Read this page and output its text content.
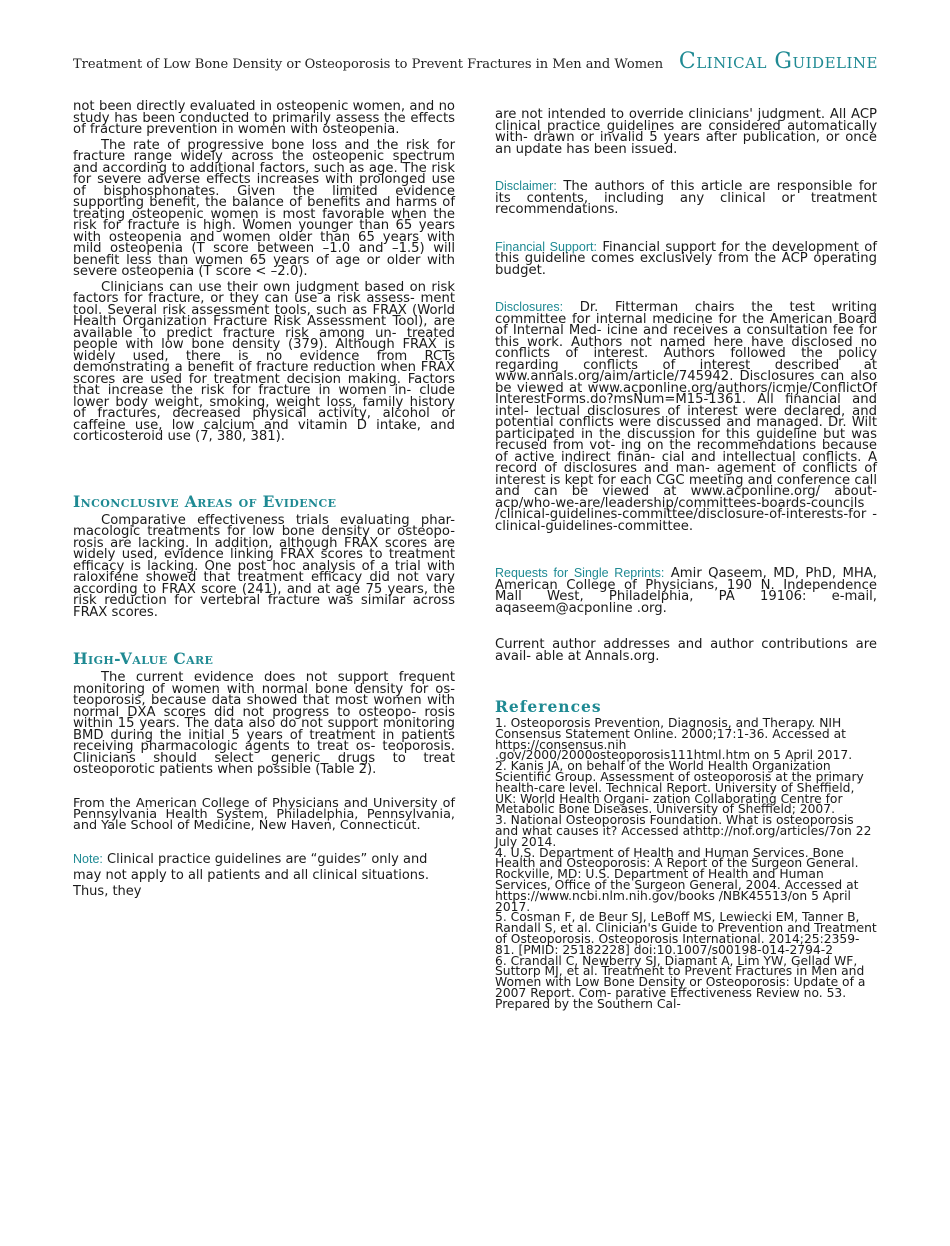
Treatment of Low Bone Density or Osteoporosis to Prevent Fractures in Men and Women Clinical Guideline

not been directly evaluated in osteopenic women, and no study has been conducted to primarily assess the effects of fracture prevention in women with osteopenia.

The rate of progressive bone loss and the risk for fracture range widely across the osteopenic spectrum and according to additional factors, such as age. The risk for severe adverse effects increases with prolonged use of bisphosphonates. Given the limited evidence supporting benefit, the balance of benefits and harms of treating osteopenic women is most favorable when the risk for fracture is high. Women younger than 65 years with osteopenia and women older than 65 years with mild osteopenia (T score between –1.0 and –1.5) will benefit less than women 65 years of age or older with severe osteopenia (T score < –2.0).

Clinicians can use their own judgment based on risk factors for fracture, or they can use a risk assess- ment tool. Several risk assessment tools, such as FRAX (World Health Organization Fracture Risk Assessment Tool), are available to predict fracture risk among un- treated people with low bone density (379). Although FRAX is widely used, there is no evidence from RCTs demonstrating a benefit of fracture reduction when FRAX scores are used for treatment decision making. Factors that increase the risk for fracture in women in- clude lower body weight, smoking, weight loss, family history of fractures, decreased physical activity, alcohol or caffeine use, low calcium and vitamin D intake, and corticosteroid use (7, 380, 381).

Inconclusive Areas of Evidence

Comparative effectiveness trials evaluating phar- macologic treatments for low bone density or osteopo- rosis are lacking. In addition, although FRAX scores are widely used, evidence linking FRAX scores to treatment efficacy is lacking. One post hoc analysis of a trial with raloxifene showed that treatment efficacy did not vary according to FRAX score (241), and at age 75 years, the risk reduction for vertebral fracture was similar across FRAX scores.

High-Value Care

The current evidence does not support frequent monitoring of women with normal bone density for os- teoporosis, because data showed that most women with normal DXA scores did not progress to osteopo- rosis within 15 years. The data also do not support monitoring BMD during the initial 5 years of treatment in patients receiving pharmacologic agents to treat os- teoporosis. Clinicians should select generic drugs to treat osteoporotic patients when possible (Table 2).

From the American College of Physicians and University of Pennsylvania Health System, Philadelphia, Pennsylvania, and Yale School of Medicine, New Haven, Connecticut.

Note: Clinical practice guidelines are “guides” only and may not apply to all patients and all clinical situations. Thus, they

are not intended to override clinicians' judgment. All ACP clinical practice guidelines are considered automatically with- drawn or invalid 5 years after publication, or once an update has been issued.

Disclaimer: The authors of this article are responsible for its contents, including any clinical or treatment recommendations.

Financial Support: Financial support for the development of this guideline comes exclusively from the ACP operating budget.

Disclosures: Dr. Fitterman chairs the test writing committee for internal medicine for the American Board of Internal Med- icine and receives a consultation fee for this work. Authors not named here have disclosed no conflicts of interest. Authors followed the policy regarding conflicts of interest described at www.annals.org/aim/article/745942. Disclosures can also be viewed at www.acponline.org/authors/icmje/ConflictOf InterestForms.do?msNum=M15-1361. All financial and intel- lectual disclosures of interest were declared, and potential conflicts were discussed and managed. Dr. Wilt participated in the discussion for this guideline but was recused from vot- ing on the recommendations because of active indirect finan- cial and intellectual conflicts. A record of disclosures and man- agement of conflicts of interest is kept for each CGC meeting and conference call and can be viewed at www.acponline.org/ about-acp/who-we-are/leadership/committees-boards-councils /clinical-guidelines-committee/disclosure-of-interests-for -clinical-guidelines-committee.

Requests for Single Reprints: Amir Qaseem, MD, PhD, MHA, American College of Physicians, 190 N. Independence Mall West, Philadelphia, PA 19106: e-mail, aqaseem@acponline .org.

Current author addresses and author contributions are avail- able at Annals.org.

References

1. Osteoporosis Prevention, Diagnosis, and Therapy. NIH Consensus Statement Online. 2000;17:1-36. Accessed at https://consensus.nih .gov/2000/2000osteoporosis111html.htm on 5 April 2017.

2. Kanis JA, on behalf of the World Health Organization Scientific Group. Assessment of osteoporosis at the primary health-care level. Technical Report. University of Sheffield, UK: World Health Organi- zation Collaborating Centre for Metabolic Bone Diseases. University of Sheffield; 2007.

3. National Osteoporosis Foundation. What is osteoporosis and what causes it? Accessed athttp://nof.org/articles/7on 22 July 2014.

4. U.S. Department of Health and Human Services. Bone Health and Osteoporosis: A Report of the Surgeon General. Rockville, MD: U.S. Department of Health and Human Services, Office of the Surgeon General, 2004. Accessed at https://www.ncbi.nlm.nih.gov/books /NBK45513/on 5 April 2017.

5. Cosman F, de Beur SJ, LeBoff MS, Lewiecki EM, Tanner B, Randall S, et al. Clinician's Guide to Prevention and Treatment of Osteoporosis. Osteoporosis International. 2014;25:2359-81. [PMID: 25182228] doi:10.1007/s00198-014-2794-2

6. Crandall C, Newberry SJ, Diamant A, Lim YW, Gellad WF, Suttorp MJ, et al. Treatment to Prevent Fractures in Men and Women with Low Bone Density or Osteoporosis: Update of a 2007 Report. Com- parative Effectiveness Review no. 53. Prepared by the Southern Cal-
